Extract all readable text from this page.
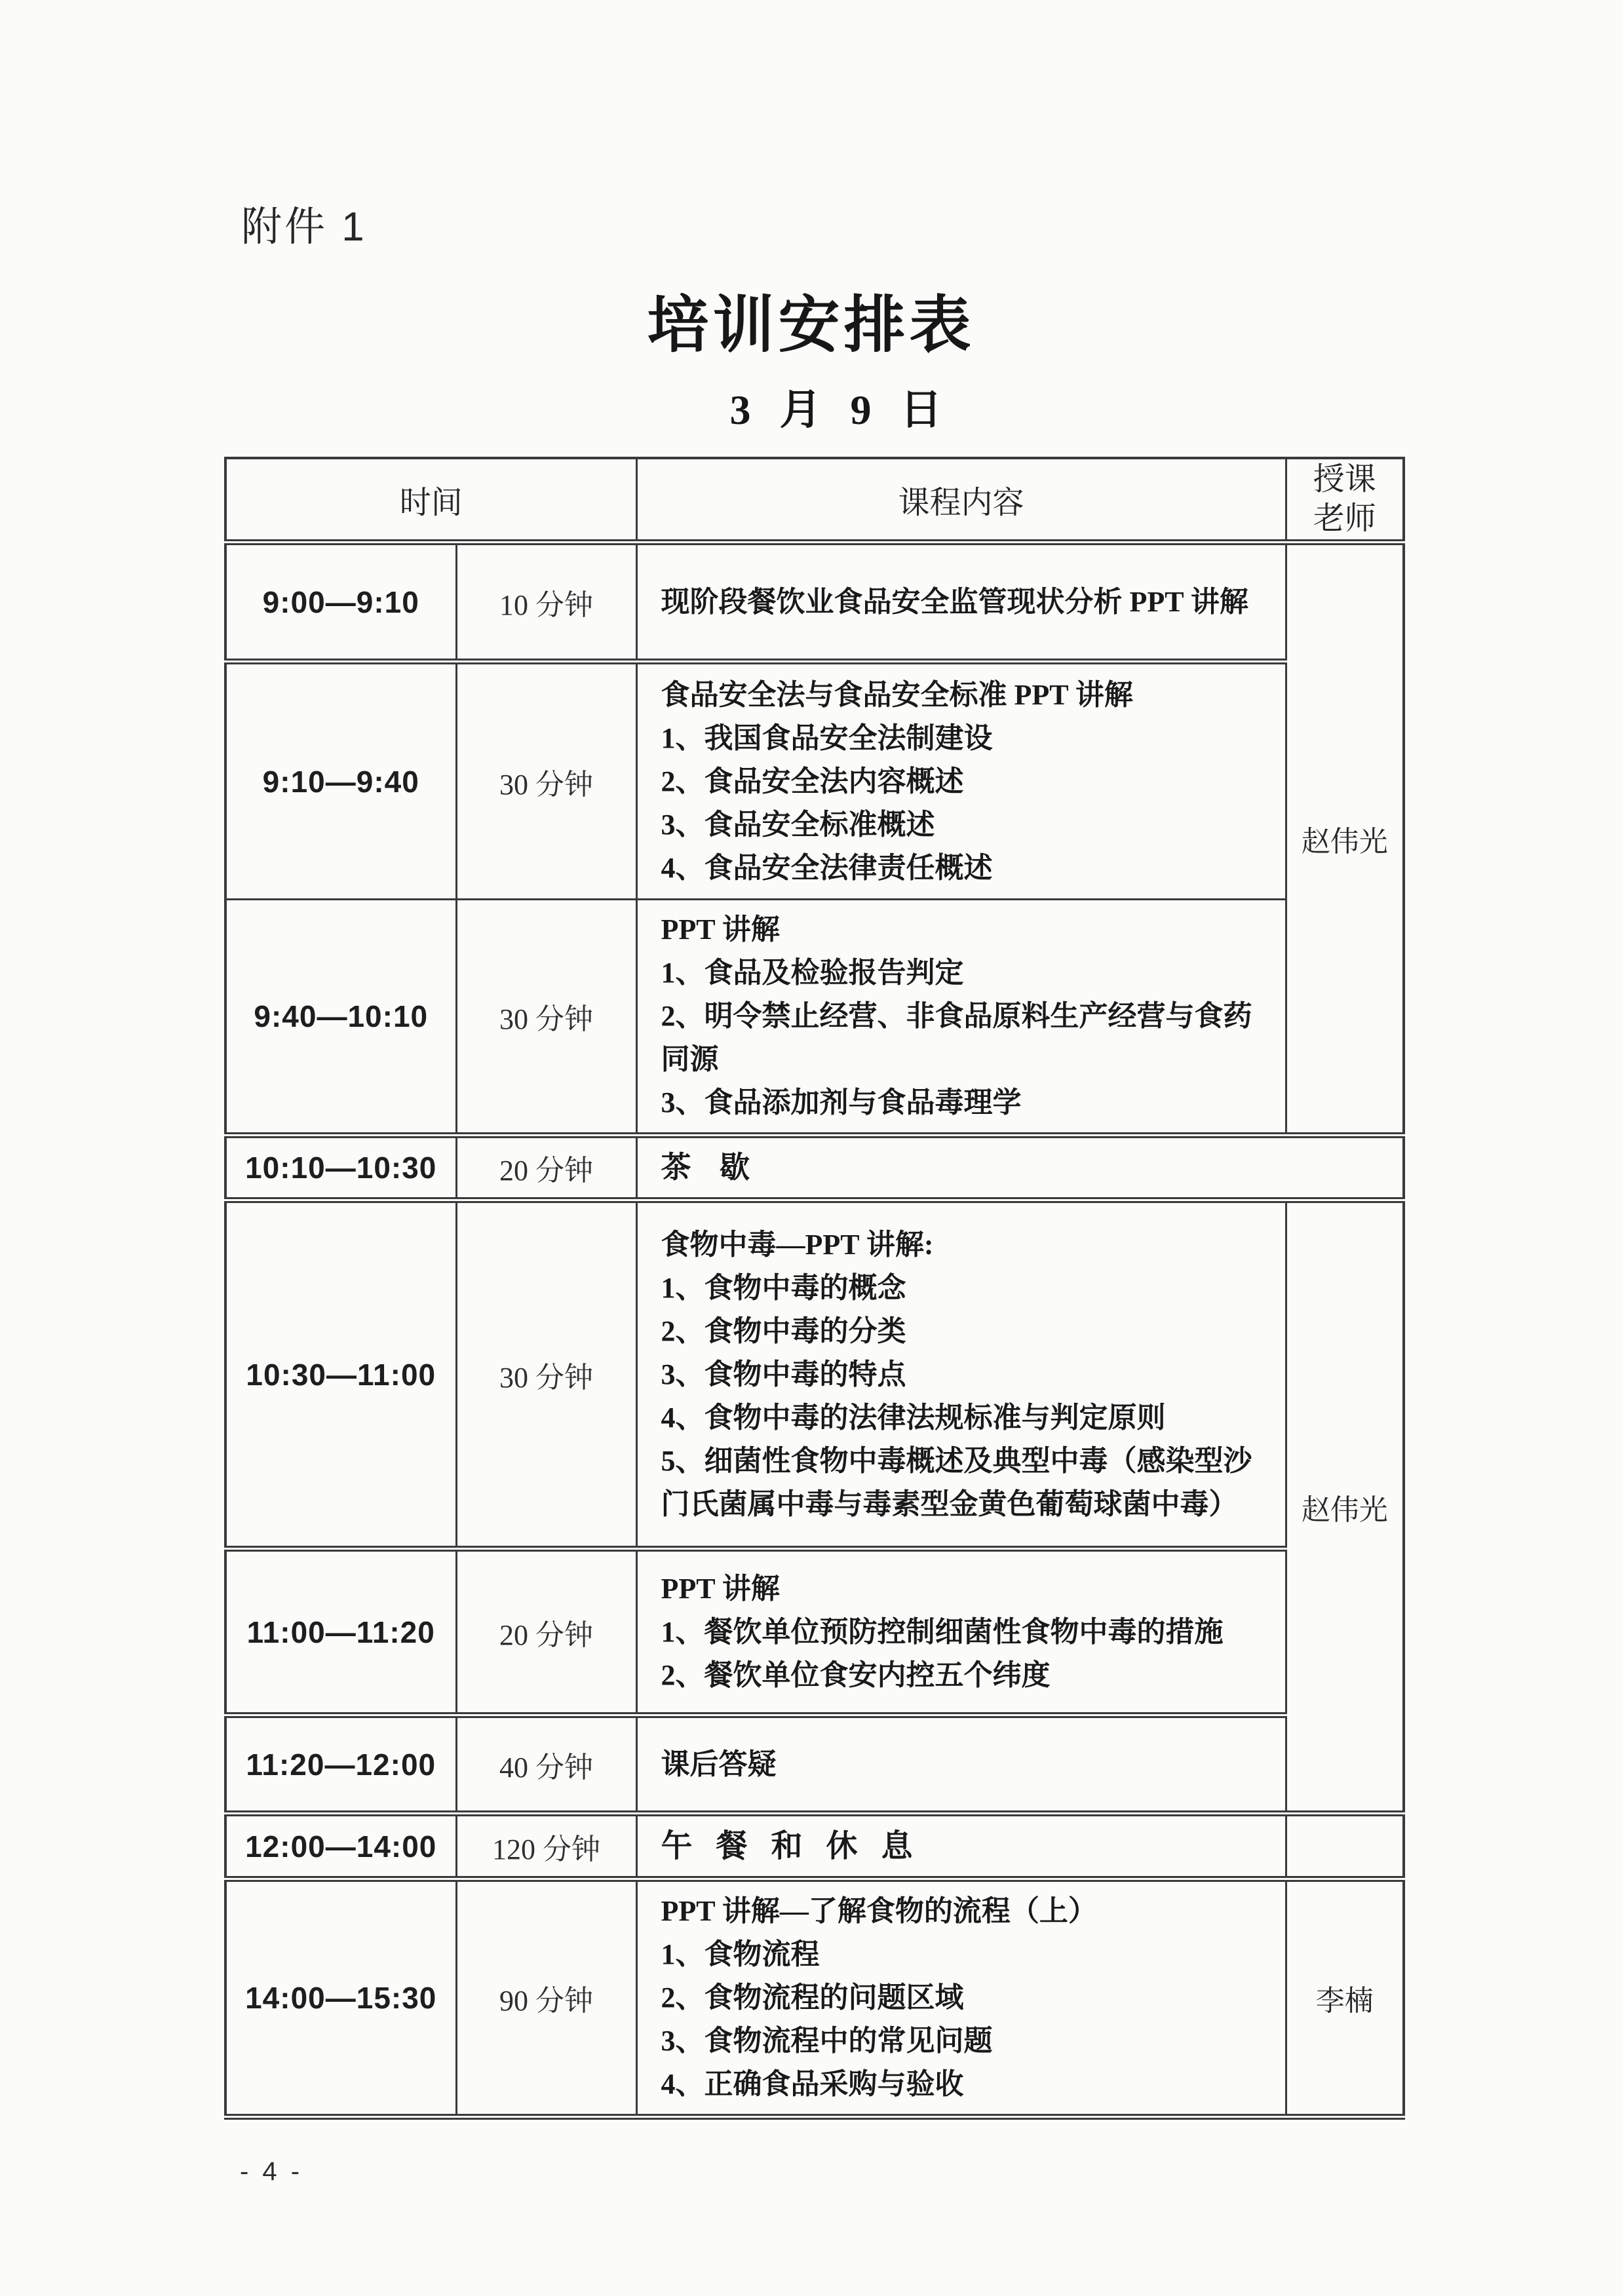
附件 1
培训安排表
3 月 9 日
时间		课程内容	授课
老师

9:00—9:10	10 分钟	现阶段餐饮业食品安全监管现状分析 PPT 讲解	赵伟光
9:10—9:40	30 分钟	食品安全法与食品安全标准 PPT 讲解
1、我国食品安全法制建设
2、食品安全法内容概述
3、食品安全标准概述
4、食品安全法律责任概述	

9:40—10:10	30 分钟	PPT 讲解
1、食品及检验报告判定
2、明令禁止经营、非食品原料生产经营与食药同源
3、食品添加剂与食品毒理学	

10:10—10:30	20 分钟	茶 歇	

10:30—11:00	30 分钟	
食物中毒—PPT 讲解:
1、食物中毒的概念
2、食物中毒的分类
3、食物中毒的特点
4、食物中毒的法律法规标准与判定原则
5、细菌性食物中毒概述及典型中毒（感染型沙门氏菌属中毒与毒素型金黄色葡萄球菌中毒）	赵伟光
11:00—11:20	20 分钟	PPT 讲解
1、餐饮单位预防控制细菌性食物中毒的措施
2、餐饮单位食安内控五个纬度	

11:20—12:00	40 分钟	课后答疑	

12:00—14:00	120 分钟	午 餐 和 休 息	

14:00—15:30	90 分钟	PPT 讲解—了解食物的流程（上）
1、食物流程
2、食物流程的问题区域
3、食物流程中的常见问题
4、正确食品采购与验收	李楠
- 4 -
